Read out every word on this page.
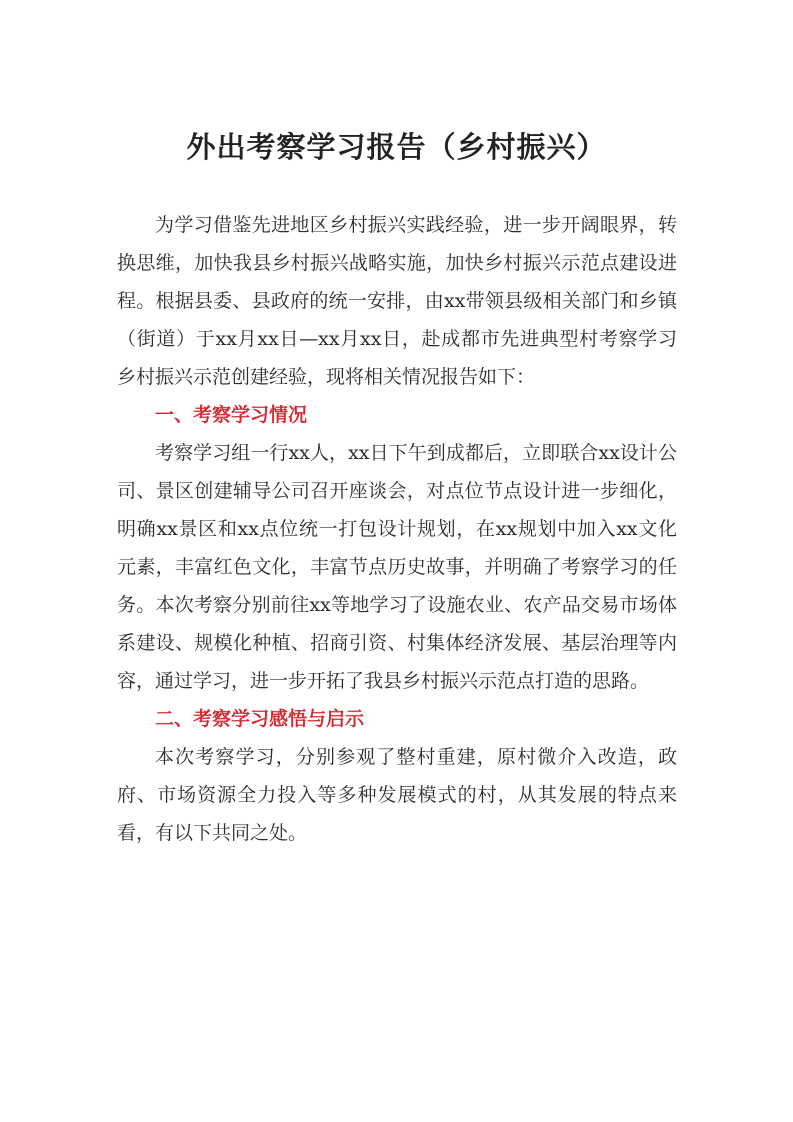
外出考察学习报告（乡村振兴）

为学习借鉴先进地区乡村振兴实践经验，进一步开阔眼界，转换思维，加快我县乡村振兴战略实施，加快乡村振兴示范点建设进程。根据县委、县政府的统一安排，由xx带领县级相关部门和乡镇（街道）于xx月xx日—xx月xx日，赴成都市先进典型村考察学习乡村振兴示范创建经验，现将相关情况报告如下：

一、考察学习情况

考察学习组一行xx人，xx日下午到成都后，立即联合xx设计公司、景区创建辅导公司召开座谈会，对点位节点设计进一步细化，明确xx景区和xx点位统一打包设计规划，在xx规划中加入xx文化元素，丰富红色文化，丰富节点历史故事，并明确了考察学习的任务。本次考察分别前往xx等地学习了设施农业、农产品交易市场体系建设、规模化种植、招商引资、村集体经济发展、基层治理等内容，通过学习，进一步开拓了我县乡村振兴示范点打造的思路。

二、考察学习感悟与启示

本次考察学习，分别参观了整村重建，原村微介入改造，政府、市场资源全力投入等多种发展模式的村，从其发展的特点来看，有以下共同之处。
